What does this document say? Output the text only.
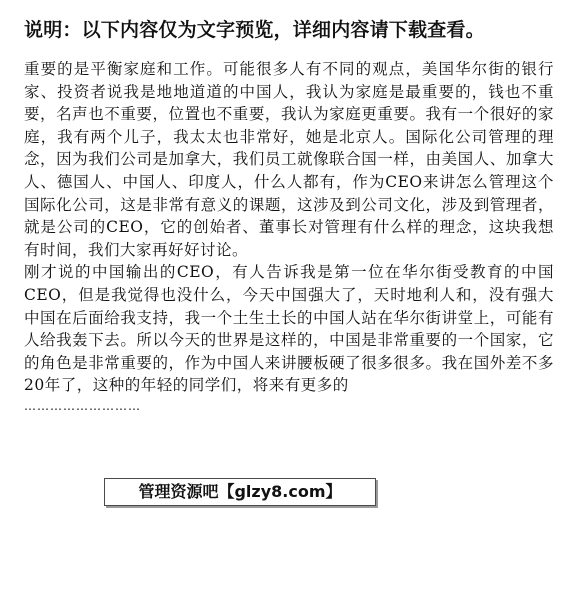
说明：以下内容仅为文字预览，详细内容请下载查看。

重要的是平衡家庭和工作。可能很多人有不同的观点，美国华尔街的银行家、投资者说我是地地道道的中国人，我认为家庭是最重要的，钱也不重要，名声也不重要，位置也不重要，我认为家庭更重要。我有一个很好的家庭，我有两个儿子，我太太也非常好，她是北京人。国际化公司管理的理念，因为我们公司是加拿大，我们员工就像联合国一样，由美国人、加拿大人、德国人、中国人、印度人，什么人都有，作为CEO来讲怎么管理这个国际化公司，这是非常有意义的课题，这涉及到公司文化，涉及到管理者，就是公司的CEO，它的创始者、董事长对管理有什么样的理念，这块我想有时间，我们大家再好好讨论。

刚才说的中国输出的CEO，有人告诉我是第一位在华尔街受教育的中国CEO，但是我觉得也没什么，今天中国强大了，天时地利人和，没有强大中国在后面给我支持，我一个土生土长的中国人站在华尔街讲堂上，可能有人给我轰下去。所以今天的世界是这样的，中国是非常重要的一个国家，它的角色是非常重要的，作为中国人来讲腰板硬了很多很多。我在国外差不多20年了，这种的年轻的同学们，将来有更多的

………………………
管理资源吧【glzy8.com】
